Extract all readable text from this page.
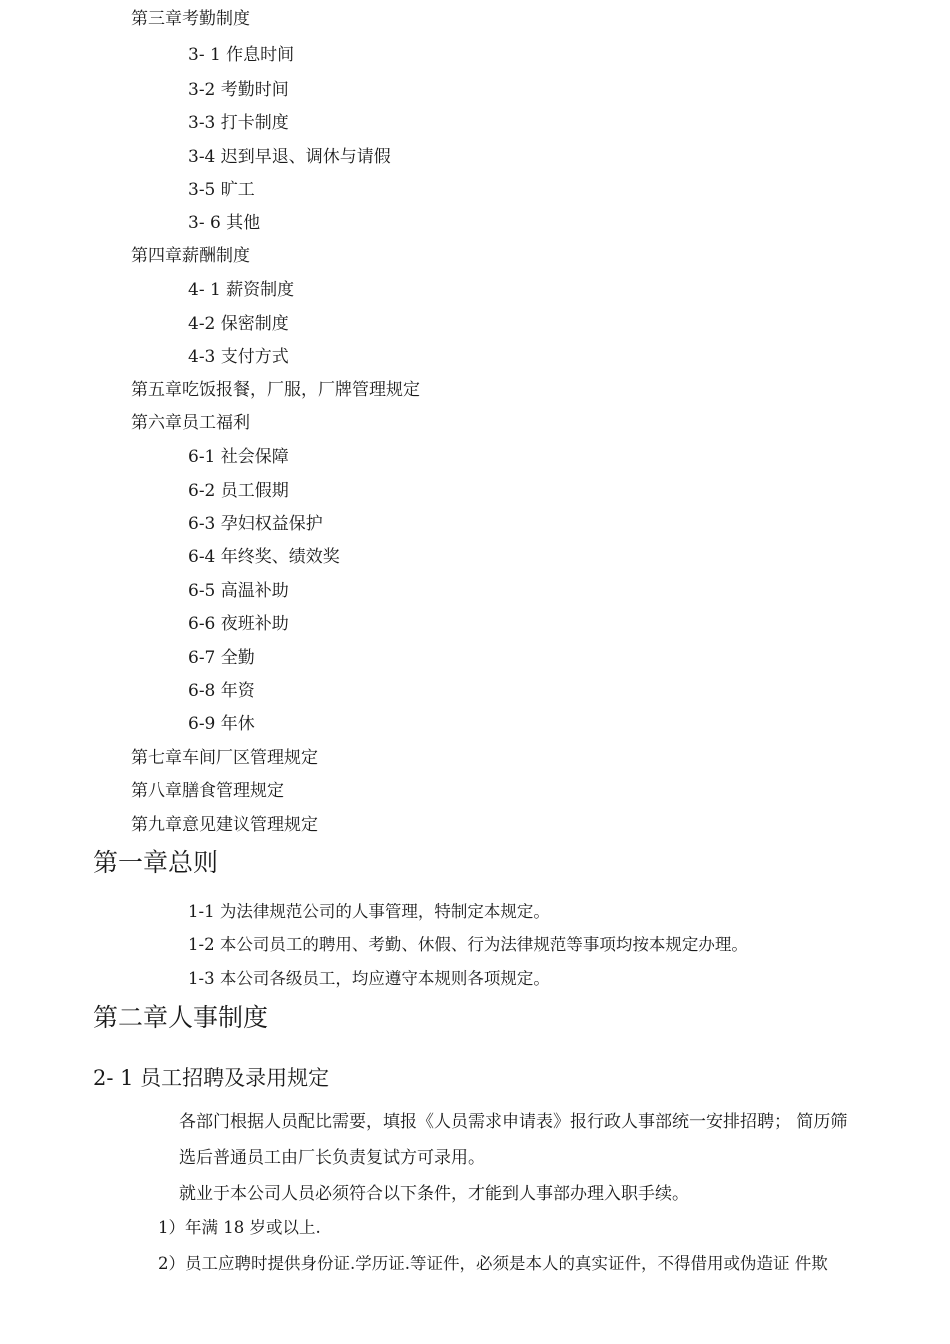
第三章考勤制度

3- 1 作息时间

3-2 考勤时间

3-3 打卡制度

3-4 迟到早退、调休与请假

3-5 旷工

3- 6 其他

第四章薪酬制度

4- 1 薪资制度

4-2 保密制度

4-3 支付方式

第五章吃饭报餐，厂服，厂牌管理规定

第六章员工福利

6-1 社会保障

6-2 员工假期

6-3 孕妇权益保护

6-4 年终奖、绩效奖

6-5 高温补助

6-6 夜班补助

6-7 全勤

6-8 年资

6-9 年休

第七章车间厂区管理规定

第八章膳食管理规定

第九章意见建议管理规定

第一章总则

1-1 为法律规范公司的人事管理，特制定本规定。

1-2 本公司员工的聘用、考勤、休假、行为法律规范等事项均按本规定办理。

1-3 本公司各级员工，均应遵守本规则各项规定。

第二章人事制度
2- 1 员工招聘及录用规定

各部门根据人员配比需要，填报《人员需求申请表》报行政人事部统一安排招聘； 简历筛

选后普通员工由厂长负责复试方可录用。

就业于本公司人员必须符合以下条件，才能到人事部办理入职手续。

1）年满 18 岁或以上.

2）员工应聘时提供身份证.学历证.等证件，必须是本人的真实证件，不得借用或伪造证 件欺
